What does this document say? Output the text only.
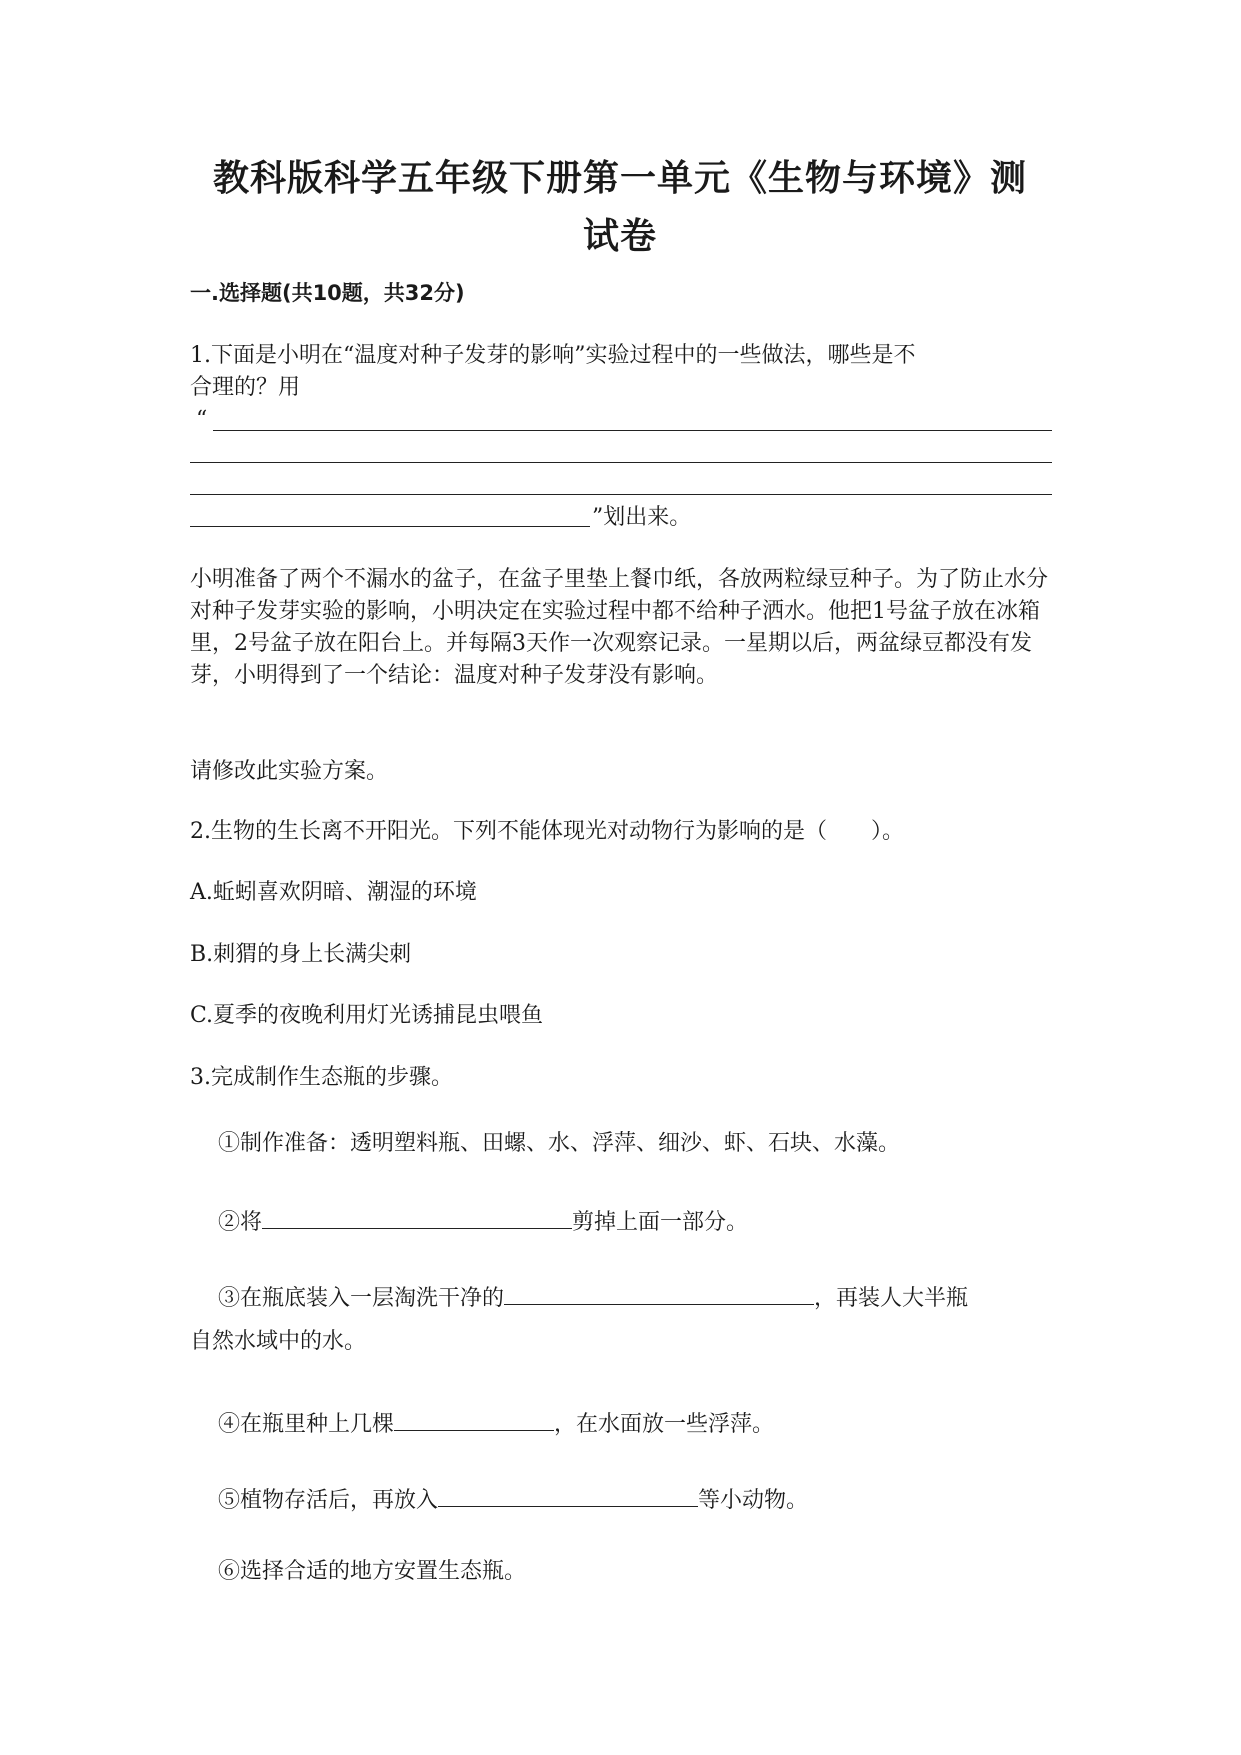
教科版科学五年级下册第一单元《生物与环境》测
试卷
一.选择题(共10题，共32分)
1.下面是小明在“温度对种子发芽的影响”实验过程中的一些做法，哪些是不
合理的？用
“
”划出来。
小明准备了两个不漏水的盆子，在盆子里垫上餐巾纸，各放两粒绿豆种子。为了防止水分对种子发芽实验的影响，小明决定在实验过程中都不给种子洒水。他把1号盆子放在冰箱里，2号盆子放在阳台上。并每隔3天作一次观察记录。一星期以后，两盆绿豆都没有发芽，小明得到了一个结论：温度对种子发芽没有影响。
请修改此实验方案。
2.生物的生长离不开阳光。下列不能体现光对动物行为影响的是（　　）。
A.蚯蚓喜欢阴暗、潮湿的环境
B.刺猬的身上长满尖刺
C.夏季的夜晚利用灯光诱捕昆虫喂鱼
3.完成制作生态瓶的步骤。
①制作准备：透明塑料瓶、田螺、水、浮萍、细沙、虾、石块、水藻。
②将	剪掉上面一部分。
③在瓶底装入一层淘洗干净的	，再装人大半瓶
自然水域中的水。
④在瓶里种上几棵	，在水面放一些浮萍。
⑤植物存活后，再放入	等小动物。
⑥选择合适的地方安置生态瓶。
